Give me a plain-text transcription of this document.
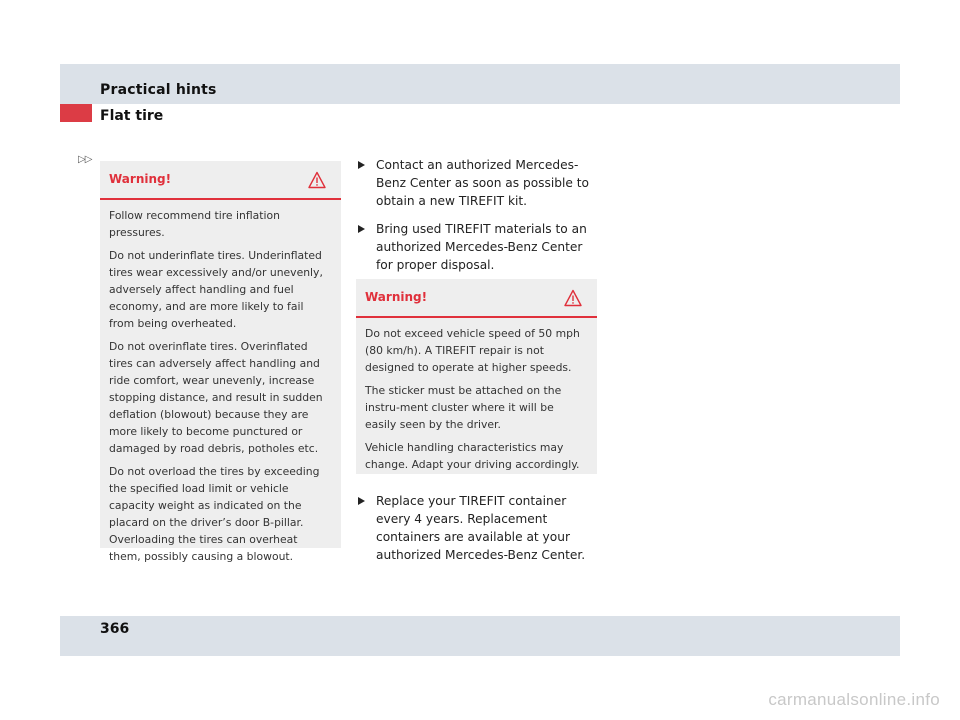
Practical hints
Flat tire
▷▷
Warning!

Follow recommend tire inflation pressures.

Do not underinflate tires. Underinflated tires wear excessively and/or unevenly, adversely affect handling and fuel economy, and are more likely to fail from being overheated.

Do not overinflate tires. Overinflated tires can adversely affect handling and ride comfort, wear unevenly, increase stopping distance, and result in sudden deflation (blowout) because they are more likely to become punctured or damaged by road debris, potholes etc.

Do not overload the tires by exceeding the specified load limit or vehicle capacity weight as indicated on the placard on the driver’s door B-pillar. Overloading the tires can overheat them, possibly causing a blowout.

Contact an authorized Mercedes-Benz Center as soon as possible to obtain a new TIREFIT kit.
Bring used TIREFIT materials to an authorized Mercedes-Benz Center for proper disposal.
Warning!

Do not exceed vehicle speed of 50 mph (80 km/h). A TIREFIT repair is not designed to operate at higher speeds.

The sticker must be attached on the instru-ment cluster where it will be easily seen by the driver.

Vehicle handling characteristics may change. Adapt your driving accordingly.

Replace your TIREFIT container every 4 years. Replacement containers are available at your authorized Mercedes-Benz Center.
366
carmanualsonline.info
